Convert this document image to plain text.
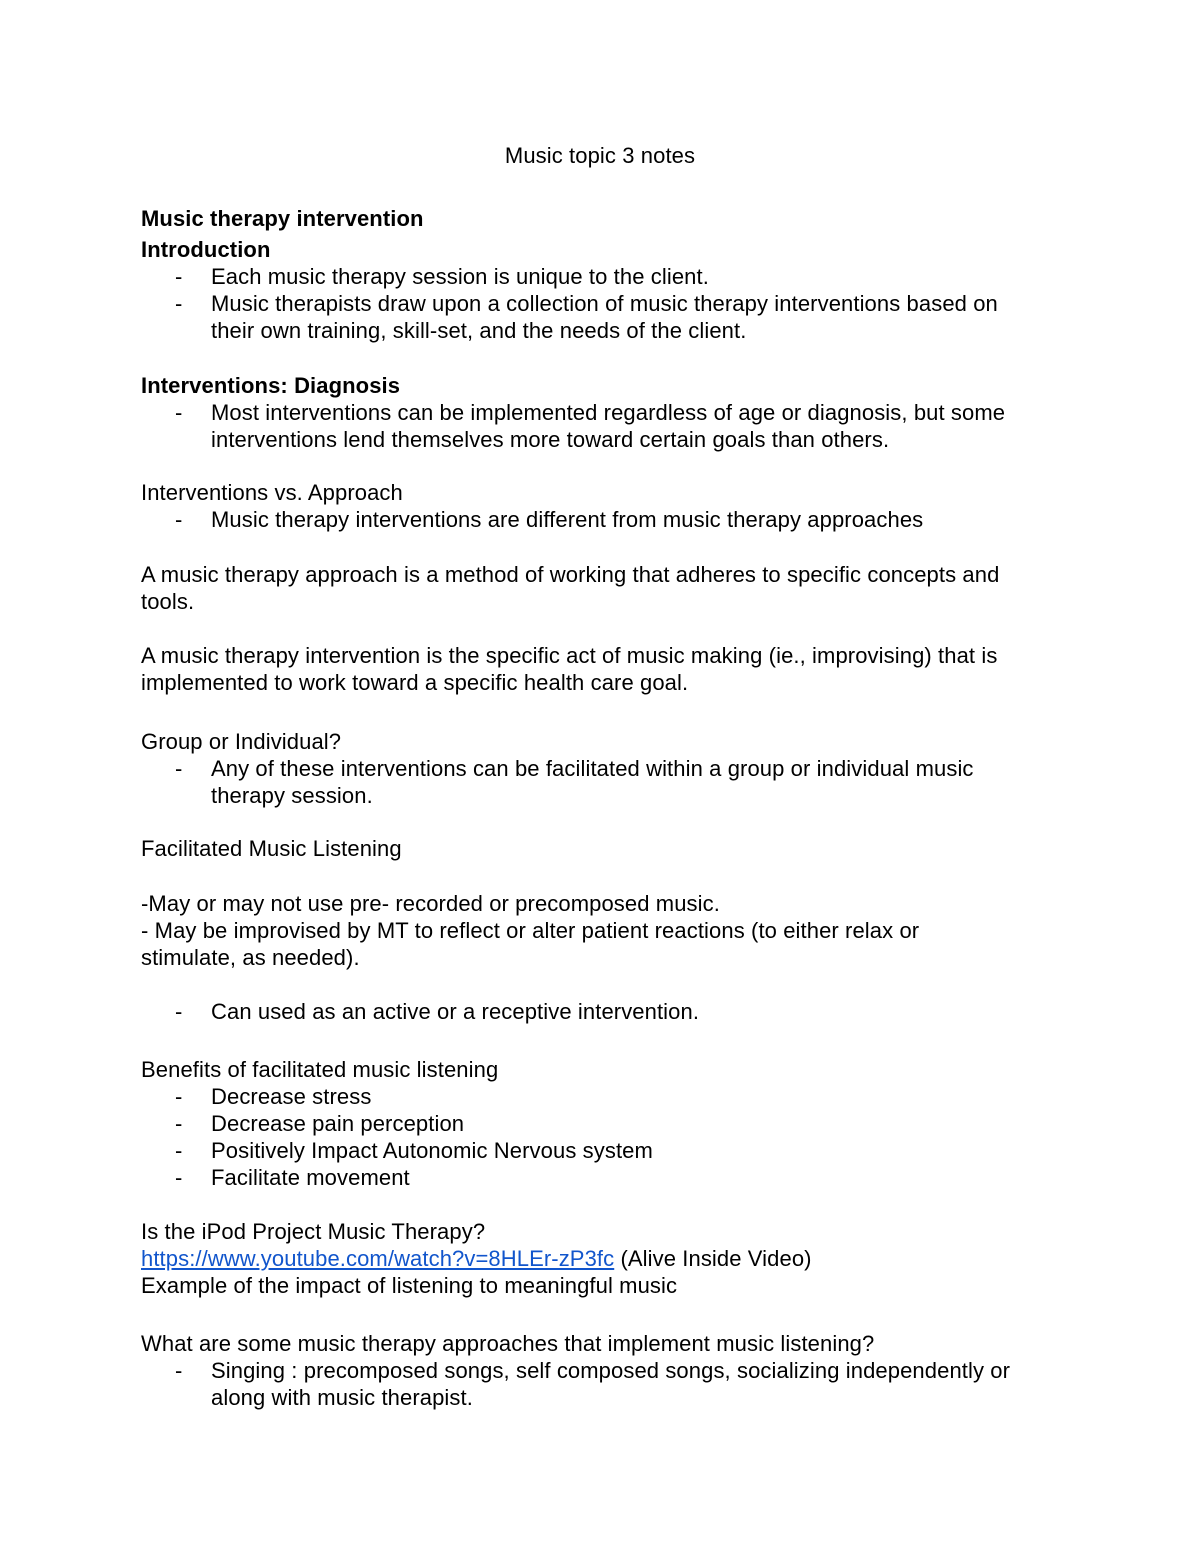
Music topic 3 notes
Music therapy intervention
Introduction
- Each music therapy session is unique to the client.
- Music therapists draw upon a collection of music therapy interventions based on
their own training, skill-set, and the needs of the client.
Interventions: Diagnosis
- Most interventions can be implemented regardless of age or diagnosis, but some
interventions lend themselves more toward certain goals than others.
Interventions vs. Approach
- Music therapy interventions are different from music therapy approaches
A music therapy approach is a method of working that adheres to specific concepts and
tools.
A music therapy intervention is the specific act of music making (ie., improvising) that is
implemented to work toward a specific health care goal.
Group or Individual?
- Any of these interventions can be facilitated within a group or individual music
therapy session.
Facilitated Music Listening
-May or may not use pre- recorded or precomposed music.
- May be improvised by MT to reflect or alter patient reactions (to either relax or
stimulate, as needed).
- Can used as an active or a receptive intervention.
Benefits of facilitated music listening
- Decrease stress
- Decrease pain perception
- Positively Impact Autonomic Nervous system
- Facilitate movement
Is the iPod Project Music Therapy?
https://www.youtube.com/watch?v=8HLEr-zP3fc (Alive Inside Video)
Example of the impact of listening to meaningful music
What are some music therapy approaches that implement music listening?
- Singing : precomposed songs, self composed songs, socializing independently or
along with music therapist.
